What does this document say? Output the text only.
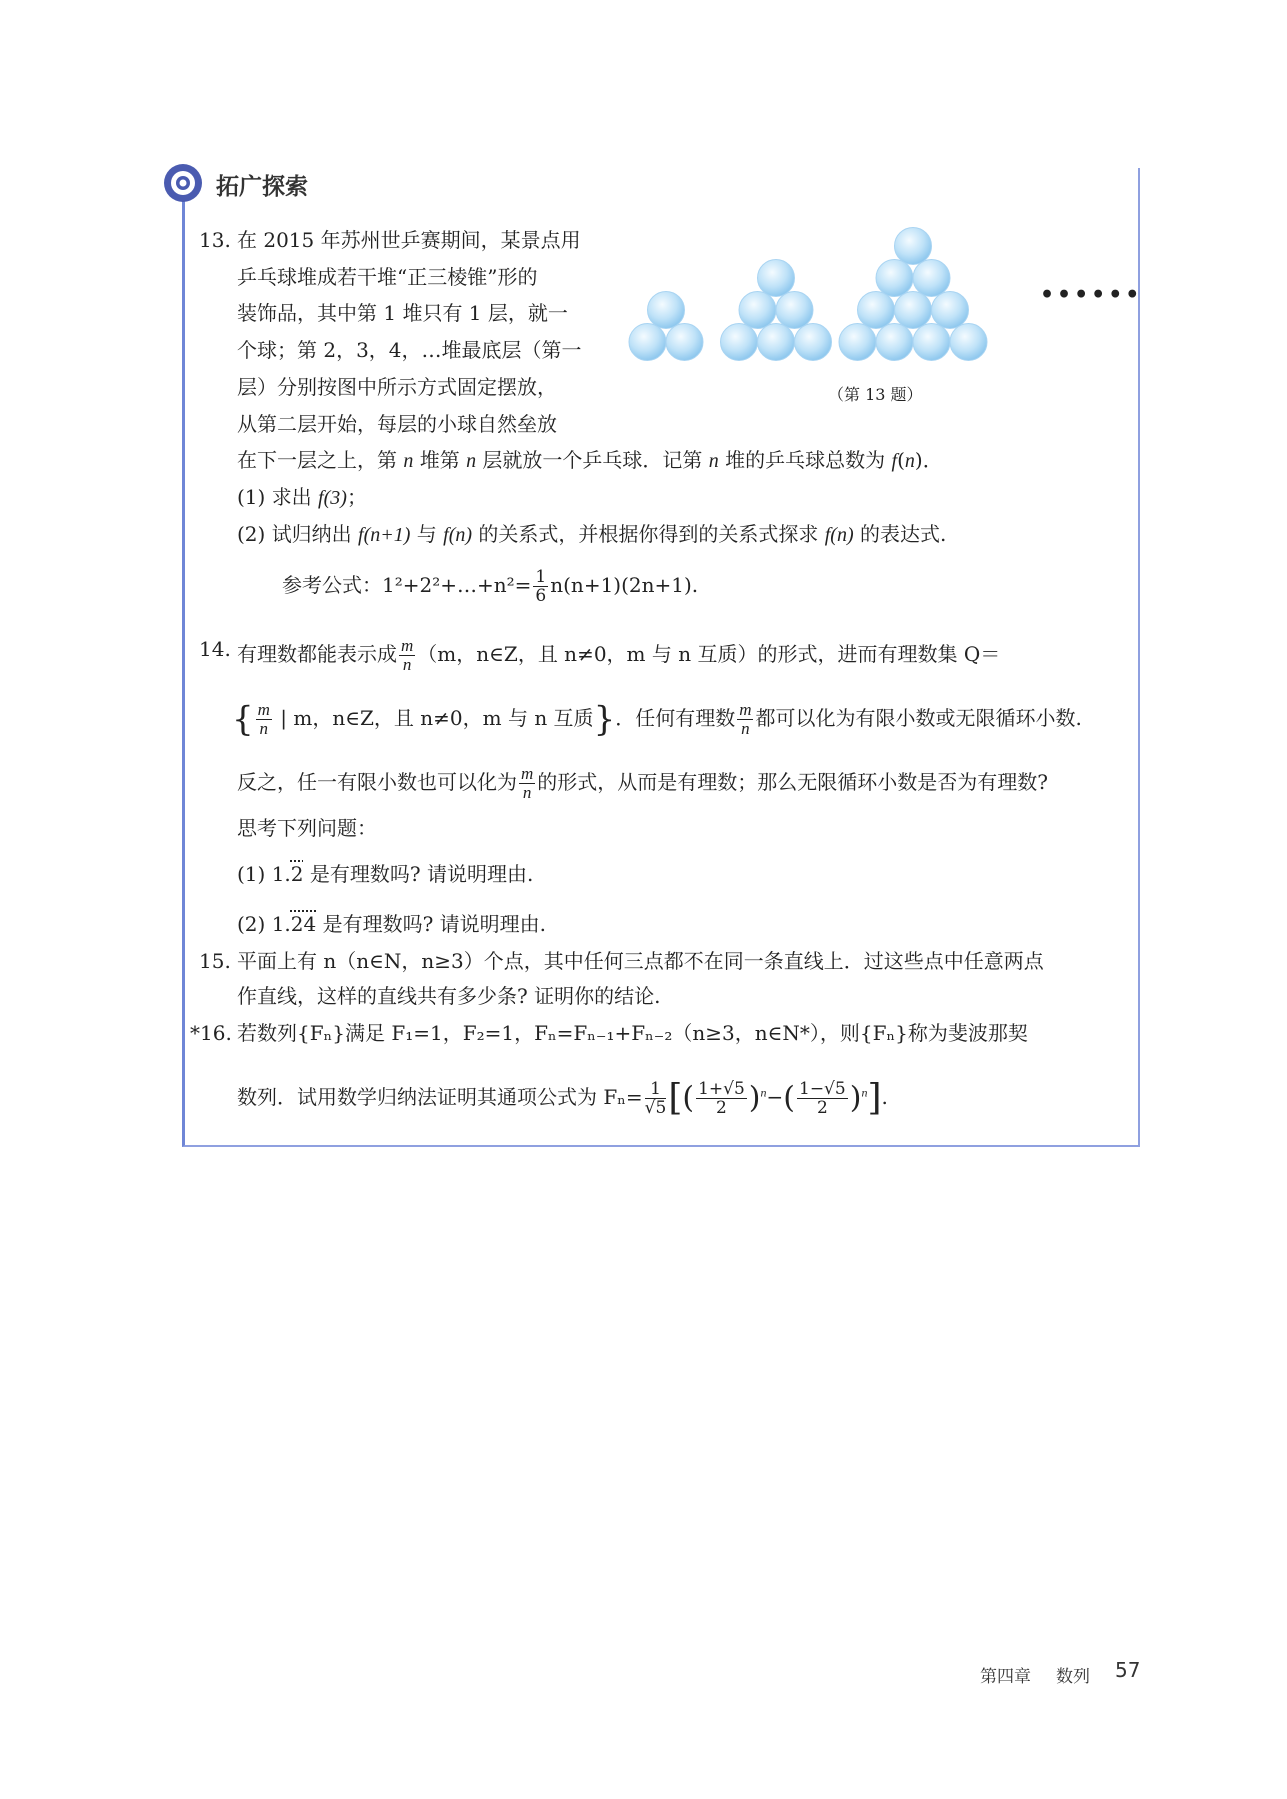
拓广探索
13. 在 2015 年苏州世乒赛期间，某景点用
乒乓球堆成若干堆“正三棱锥”形的
装饰品，其中第 1 堆只有 1 层，就一
个球；第 2，3，4，…堆最底层（第一
层）分别按图中所示方式固定摆放，
从第二层开始，每层的小球自然垒放
在下一层之上，第 n 堆第 n 层就放一个乒乓球．记第 n 堆的乒乓球总数为 f(n)．
(1) 求出 f(3)；
(2) 试归纳出 f(n+1) 与 f(n) 的关系式，并根据你得到的关系式探求 f(n) 的表达式.
参考公式：1²+2²+…+n²= $\frac{1}{6} n(n+1)(2n+1)$.
••••••
（第 13 题）
14. 有理数都能表示成 $\frac{m}{n} (m$，n∈Z，且 n≠0，m 与 n 互质）的形式，进而有理数集 Q＝
{ $\frac{m}{n}$ | m，n∈Z，且 n≠0，m 与 n 互质}．任何有理数 $\frac{m}{n}$ 都可以化为有限小数或无限循环小数.
反之，任一有限小数也可以化为 $\frac{m}{n}$ 的形式，从而是有理数；那么无限循环小数是否为有理数?
思考下列问题：
(1) 1.2 是有理数吗? 请说明理由.
(2) 1.24 是有理数吗? 请说明理由.
15. 平面上有 n（n∈N，n≥3）个点，其中任何三点都不在同一条直线上．过这些点中任意两点
作直线，这样的直线共有多少条? 证明你的结论.
*16. 若数列{Fₙ}满足 F₁=1，F₂=1，Fₙ=Fₙ₋₁+Fₙ₋₂（n≥3，n∈N*），则{Fₙ}称为斐波那契
数列．试用数学归纳法证明其通项公式为 $F_n= \frac{1}{√5}$ [( $\frac{1+√5}{2} )^n-( \frac{1-√5}{2} )^n$].
第四章 数列 57
